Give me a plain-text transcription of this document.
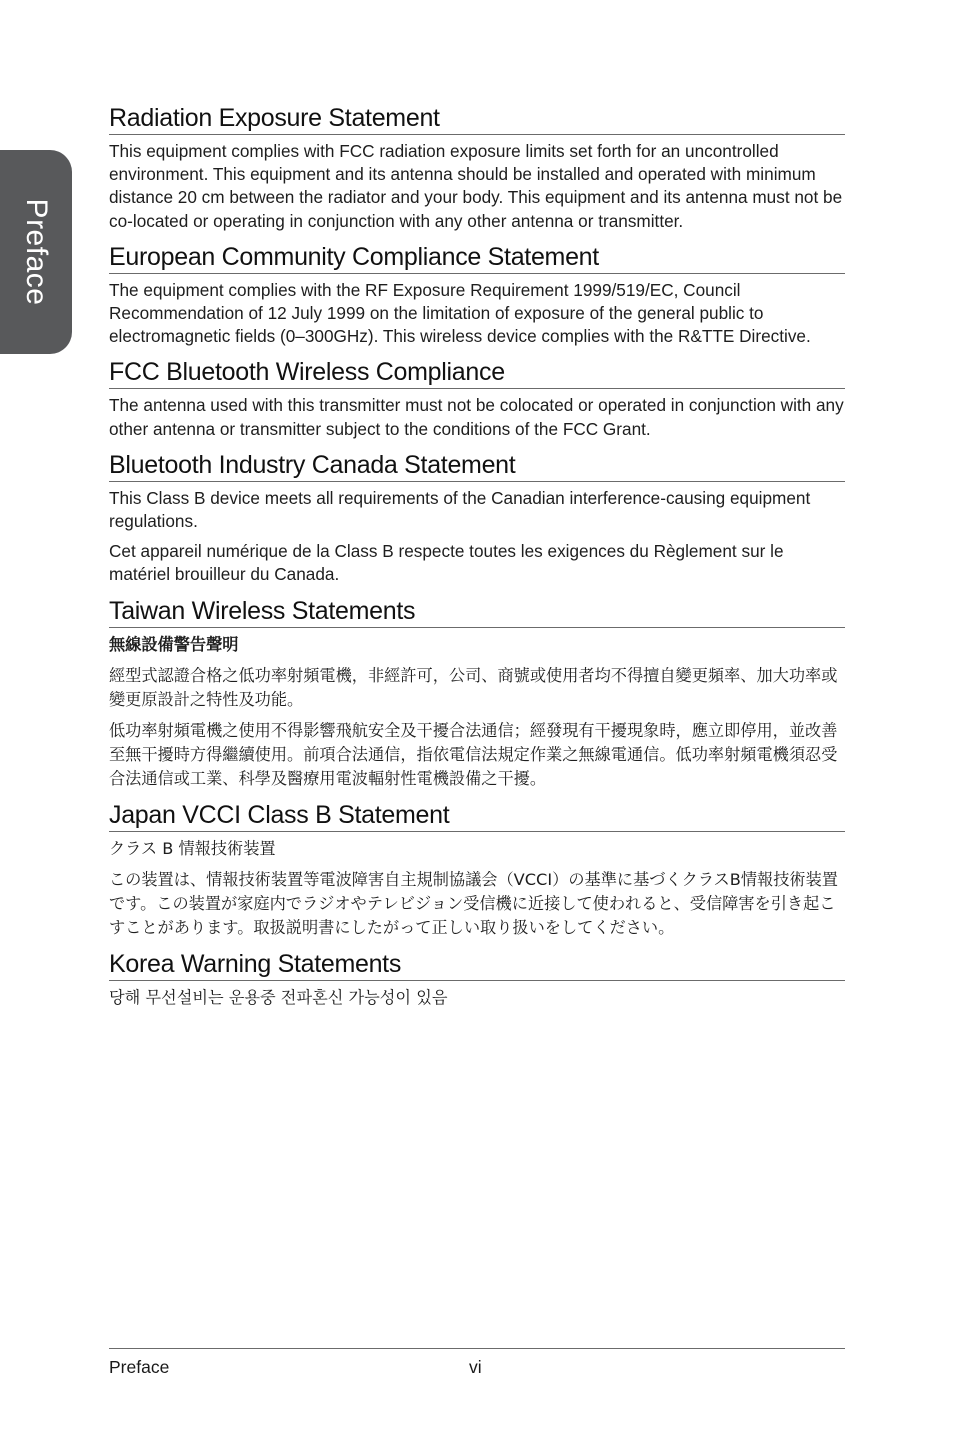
Preface
Radiation Exposure Statement

This equipment complies with FCC radiation exposure limits set forth for an uncontrolled environment. This equipment and its antenna should be installed and operated with minimum distance 20 cm between the radiator and your body. This equipment and its antenna must not be co-located or operating in conjunction with any other antenna or transmitter.

European Community Compliance Statement

The equipment complies with the RF Exposure Requirement 1999/519/EC, Council Recommendation of 12 July 1999 on the limitation of exposure of the general public to electromagnetic fields (0–300GHz). This wireless device complies with the R&TTE Directive.

FCC Bluetooth Wireless Compliance

The antenna used with this transmitter must not be colocated or operated in conjunction with any other antenna or transmitter subject to the conditions of the FCC Grant.

Bluetooth Industry Canada Statement

This Class B device meets all requirements of the Canadian interference-causing equipment regulations.

Cet appareil numérique de la Class B respecte toutes les exigences du Règlement sur le matériel brouilleur du Canada.

Taiwan Wireless Statements

無線設備警告聲明

經型式認證合格之低功率射頻電機，非經許可，公司、商號或使用者均不得擅自變更頻率、加大功率或變更原設計之特性及功能。

低功率射頻電機之使用不得影響飛航安全及干擾合法通信；經發現有干擾現象時，應立即停用，並改善至無干擾時方得繼續使用。前項合法通信，指依電信法規定作業之無線電通信。低功率射頻電機須忍受合法通信或工業、科學及醫療用電波輻射性電機設備之干擾。

Japan VCCI Class B Statement

クラス B 情報技術装置

この装置は、情報技術装置等電波障害自主規制協議会（VCCI）の基準に基づくクラスB情報技術装置です。この装置が家庭内でラジオやテレビジョン受信機に近接して使われると、受信障害を引き起こすことがあります。取扱説明書にしたがって正しい取り扱いをしてください。

Korea Warning Statements

당해 무선설비는 운용중 전파혼신 가능성이 있음

Preface	vi
